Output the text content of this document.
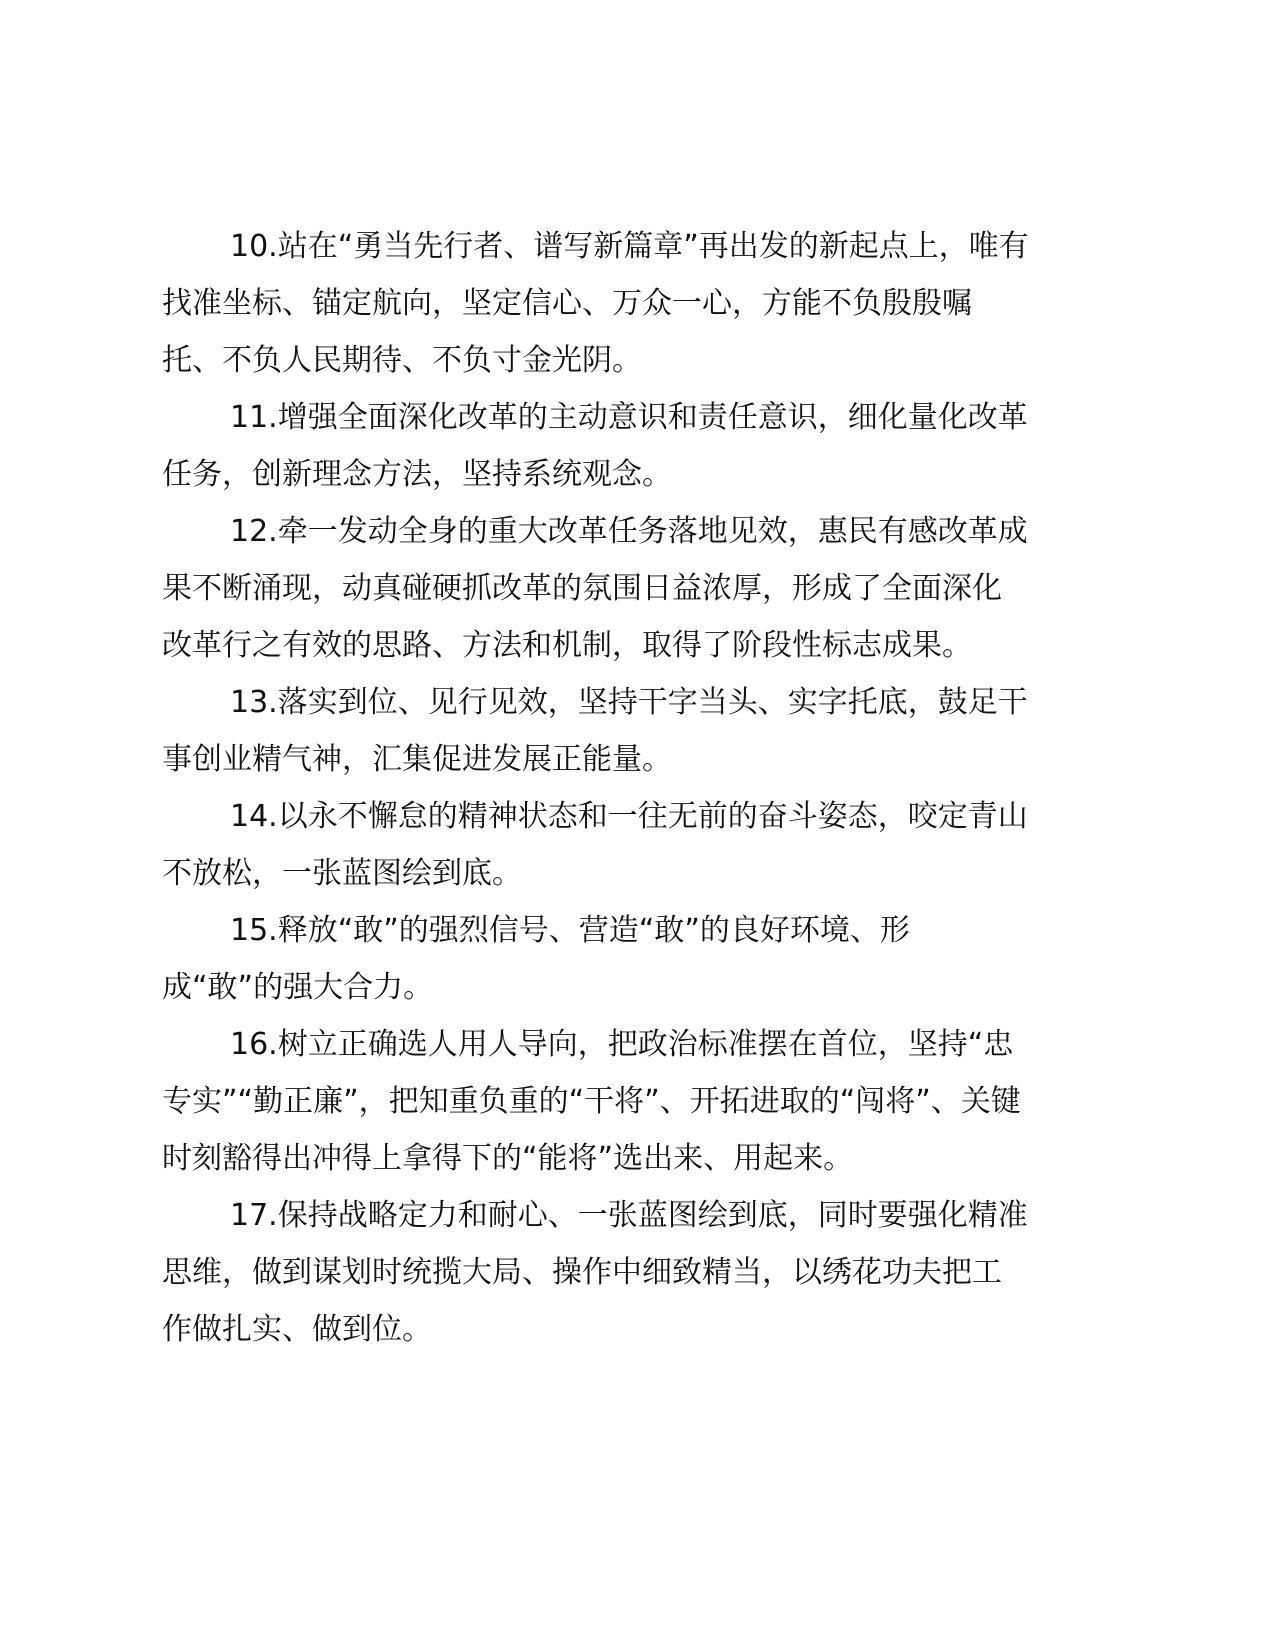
10.站在“勇当先行者、谱写新篇章”再出发的新起点上，唯有
找准坐标、锚定航向，坚定信心、万众一心，方能不负殷殷嘱
托、不负人民期待、不负寸金光阴。

11.增强全面深化改革的主动意识和责任意识，细化量化改革
任务，创新理念方法，坚持系统观念。

12.牵一发动全身的重大改革任务落地见效，惠民有感改革成
果不断涌现，动真碰硬抓改革的氛围日益浓厚，形成了全面深化
改革行之有效的思路、方法和机制，取得了阶段性标志成果。

13.落实到位、见行见效，坚持干字当头、实字托底，鼓足干
事创业精气神，汇集促进发展正能量。

14.以永不懈怠的精神状态和一往无前的奋斗姿态，咬定青山
不放松，一张蓝图绘到底。

15.释放“敢”的强烈信号、营造“敢”的良好环境、形
成“敢”的强大合力。

16.树立正确选人用人导向，把政治标准摆在首位，坚持“忠
专实”“勤正廉”，把知重负重的“干将”、开拓进取的“闯将”、关键
时刻豁得出冲得上拿得下的“能将”选出来、用起来。

17.保持战略定力和耐心、一张蓝图绘到底，同时要强化精准
思维，做到谋划时统揽大局、操作中细致精当，以绣花功夫把工
作做扎实、做到位。
